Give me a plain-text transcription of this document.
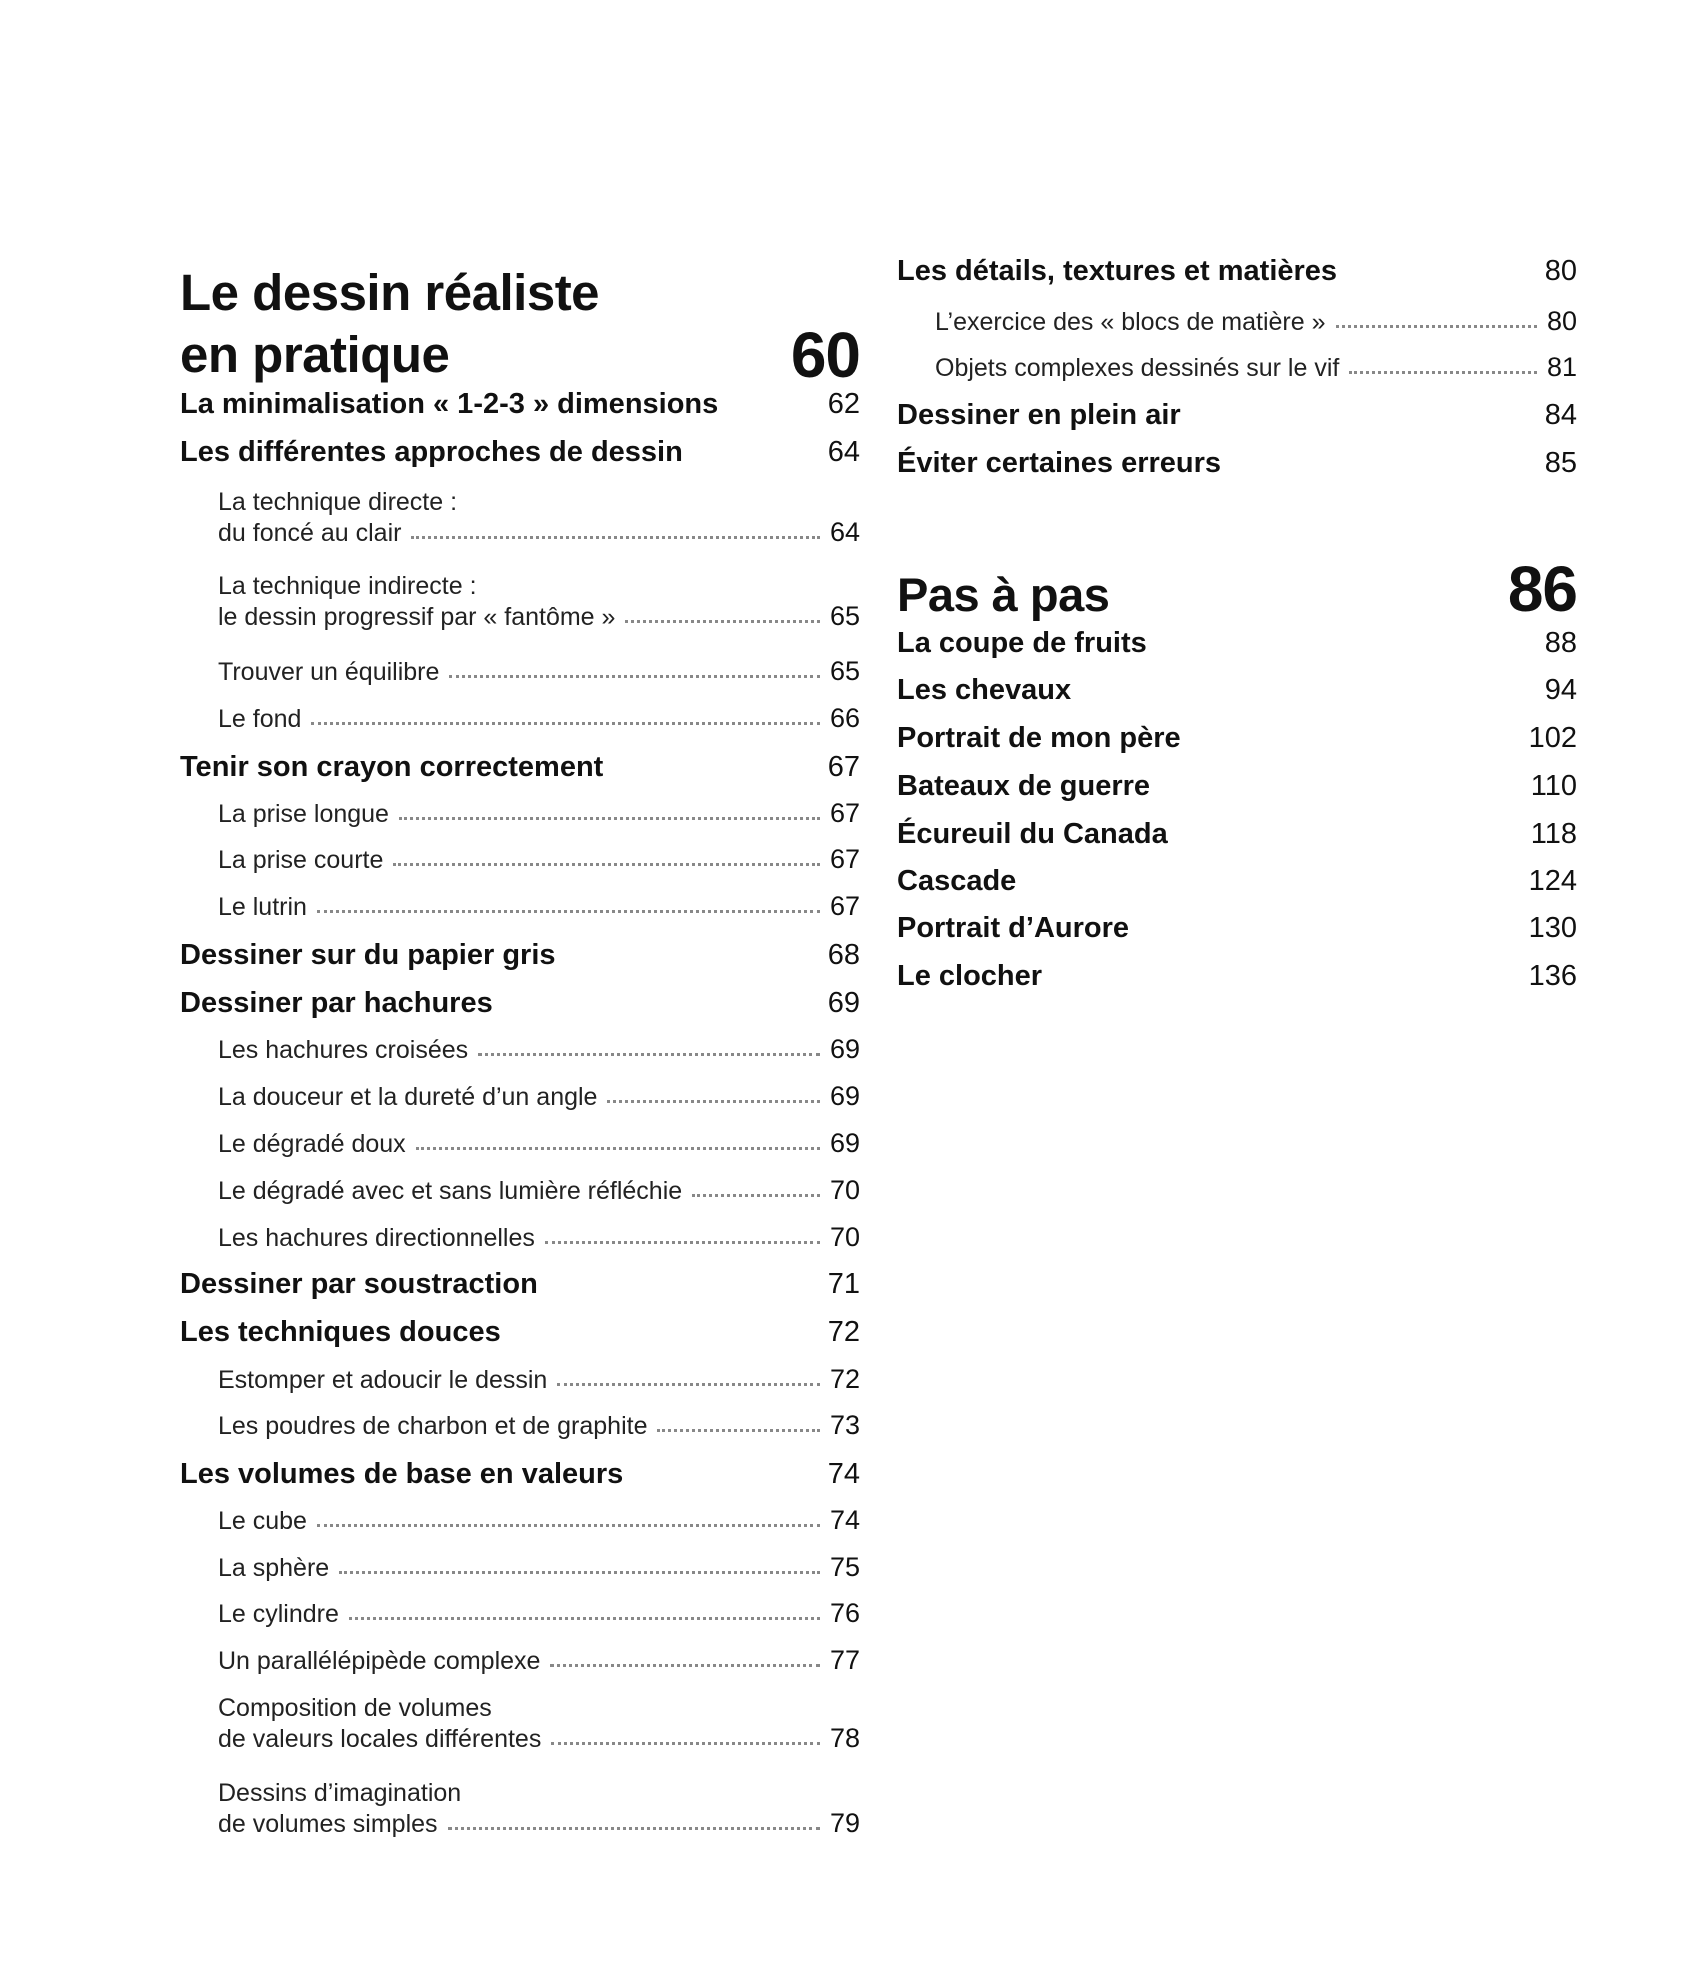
Le dessin réaliste
en pratique	60
La minimalisation « 1-2-3 » dimensions	62
Les différentes approches de dessin	64
La technique directe :
du foncé au clair	64
La technique indirecte :
le dessin progressif par « fantôme »	65
Trouver un équilibre	65
Le fond	66
Tenir son crayon correctement	67
La prise longue	67
La prise courte	67
Le lutrin	67
Dessiner sur du papier gris	68
Dessiner par hachures	69
Les hachures croisées	69
La douceur et la dureté d’un angle	69
Le dégradé doux	69
Le dégradé avec et sans lumière réfléchie	70
Les hachures directionnelles	70
Dessiner par soustraction	71
Les techniques douces	72
Estomper et adoucir le dessin	72
Les poudres de charbon et de graphite	73
Les volumes de base en valeurs	74
Le cube	74
La sphère	75
Le cylindre	76
Un parallélépipède complexe	77
Composition de volumes
de valeurs locales différentes	78
Dessins d’imagination
de volumes simples	79
Les détails, textures et matières	80
L’exercice des « blocs de matière »	80
Objets complexes dessinés sur le vif	81
Dessiner en plein air	84
Éviter certaines erreurs	85
Pas à pas	86
La coupe de fruits	88
Les chevaux	94
Portrait de mon père	102
Bateaux de guerre	110
Écureuil du Canada	118
Cascade	124
Portrait d’Aurore	130
Le clocher	136
